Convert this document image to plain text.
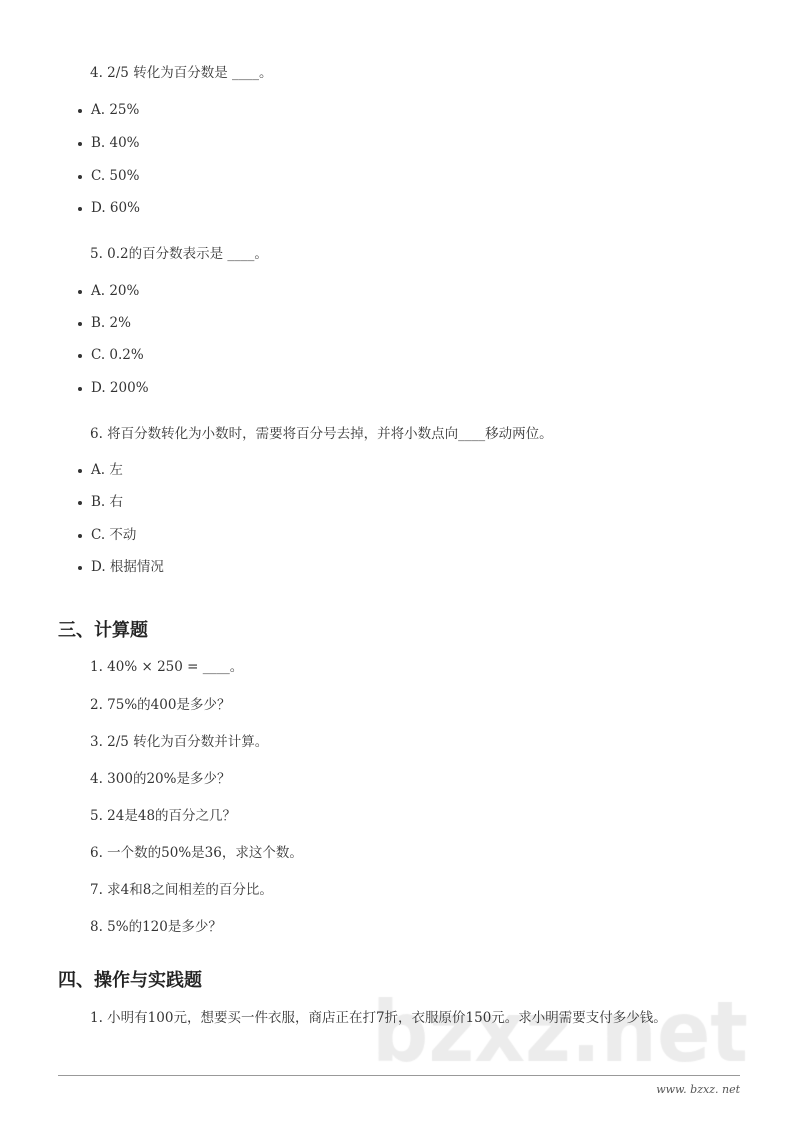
4. 2/5 转化为百分数是 ____。
A. 25%
B. 40%
C. 50%
D. 60%
5. 0.2的百分数表示是 ____。
A. 20%
B. 2%
C. 0.2%
D. 200%
6. 将百分数转化为小数时，需要将百分号去掉，并将小数点向____移动两位。
A. 左
B. 右
C. 不动
D. 根据情况
三、计算题
1. 40% × 250 = ____。
2. 75%的400是多少？
3. 2/5 转化为百分数并计算。
4. 300的20%是多少？
5. 24是48的百分之几？
6. 一个数的50%是36，求这个数。
7. 求4和8之间相差的百分比。
8. 5%的120是多少？
四、操作与实践题
1. 小明有100元，想要买一件衣服，商店正在打7折，衣服原价150元。求小明需要支付多少钱。
www. bzxz. net
